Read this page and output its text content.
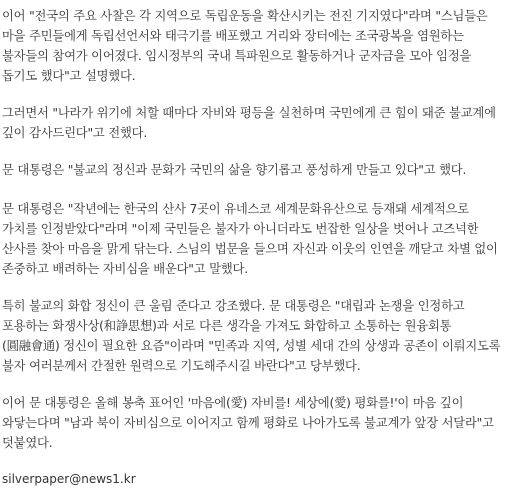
이어 "전국의 주요 사찰은 각 지역으로 독립운동을 확산시키는 전진 기지였다"라며 "스님들은 마을 주민들에게 독립선언서와 태극기를 배포했고 거리와 장터에는 조국광복을 염원하는 불자들의 참여가 이어졌다. 임시정부의 국내 특파원으로 활동하거나 군자금을 모아 임정을 돕기도 했다"고 설명했다.

그러면서 "나라가 위기에 처할 때마다 자비와 평등을 실천하며 국민에게 큰 힘이 돼준 불교계에 깊이 감사드린다"고 전했다.

문 대통령은 "불교의 정신과 문화가 국민의 삶을 향기롭고 풍성하게 만들고 있다"고 했다.

문 대통령은 "작년에는 한국의 산사 7곳이 유네스코 세계문화유산으로 등재돼 세계적으로 가치를 인정받았다"라며 "이제 국민들은 불자가 아니더라도 번잡한 일상을 벗어나 고즈넉한 산사를 찾아 마음을 맑게 닦는다. 스님의 법문을 들으며 자신과 이웃의 인연을 깨닫고 차별 없이 존중하고 배려하는 자비심을 배운다"고 말했다.

특히 불교의 화합 정신이 큰 울림 준다고 강조했다. 문 대통령은 "대립과 논쟁을 인정하고 포용하는 화쟁사상(和諍思想)과 서로 다른 생각을 가져도 화합하고 소통하는 원융회통(圓融會通) 정신이 필요한 요즘"이라며 "민족과 지역, 성별 세대 간의 상생과 공존이 이뤄지도록 불자 여러분께서 간절한 원력으로 기도해주시길 바란다"고 당부했다.

이어 문 대통령은 올해 봉축 표어인 '마음에(愛) 자비를! 세상에(愛) 평화를!'이 마음 깊이 와닿는다며 "남과 북이 자비심으로 이어지고 함께 평화로 나아가도록 불교계가 앞장 서달라"고 덧붙였다.

silverpaper@news1.kr
